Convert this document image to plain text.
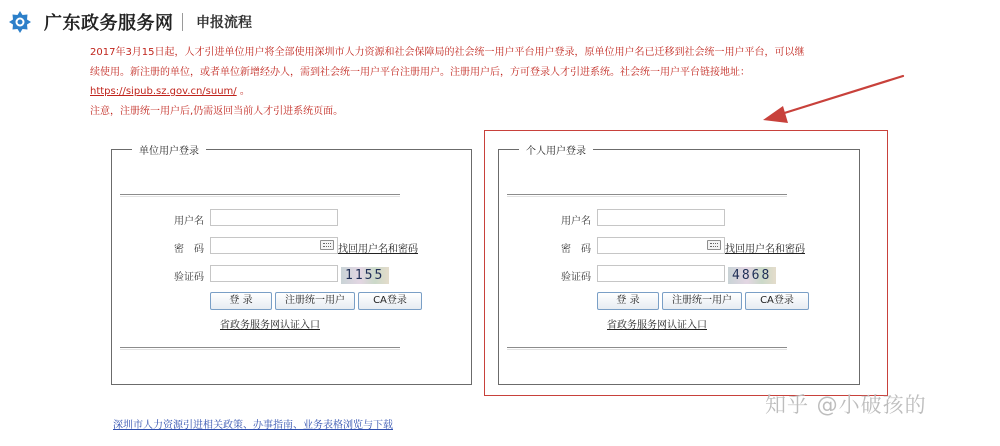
广东政务服务网 申报流程

2017年3月15日起，人才引进单位用户将全部使用深圳市人力资源和社会保障局的社会统一用户平台用户登录，原单位用户名已迁移到社会统一用户平台，可以继

续使用。新注册的单位，或者单位新增经办人，需到社会统一用户平台注册用户。注册用户后，方可登录人才引进系统。社会统一用户平台链接地址：

https://sipub.sz.gov.cn/suum/ 。

注意，注册统一用户后,仍需返回当前人才引进系统页面。

单位用户登录
用户名
密　码	找回用户名和密码
验证码	1155
登 录	注册统一用户	CA登录
省政务服务网认证入口
个人用户登录
用户名
密　码	找回用户名和密码
验证码	4868
登 录	注册统一用户	CA登录
省政务服务网认证入口
深圳市人力资源引进相关政策、办事指南、业务表格浏览与下载
知乎 @小破孩的
